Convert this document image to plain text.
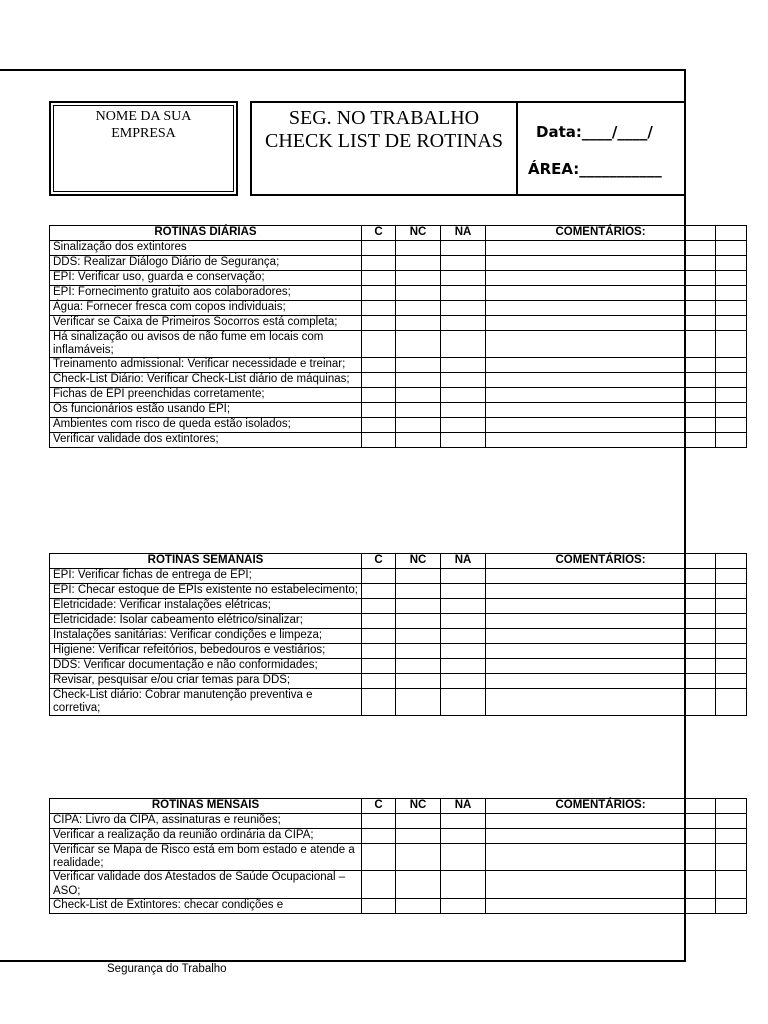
NOME DA SUA
EMPRESA
SEG. NO TRABALHO
CHECK LIST DE ROTINAS	Data:____/____/
ÁREA:___________
___
ROTINAS DIÁRIAS	C	NC	NA	COMENTÁRIOS:	
Sinalização dos extintores					
DDS: Realizar Diálogo Diário de Segurança;					
EPI: Verificar uso, guarda e conservação;					
EPI: Fornecimento gratuito aos colaboradores;					
Água: Fornecer fresca com copos individuais;					
Verificar se Caixa de Primeiros Socorros está completa;					
Há sinalização ou avisos de não fume em locais com inflamáveis;					
Treinamento admissional: Verificar necessidade e treinar;					
Check-List Diário: Verificar Check-List diário de máquinas;					
Fichas de EPI preenchidas corretamente;					
Os funcionários estão usando EPI;					
Ambientes com risco de queda estão isolados;					
Verificar validade dos extintores;					
ROTINAS SEMANAIS	C	NC	NA	COMENTÁRIOS:	
EPI: Verificar fichas de entrega de EPI;					
EPI: Checar estoque de EPIs existente no estabelecimento;					
Eletricidade: Verificar instalações elétricas;					
Eletricidade: Isolar cabeamento elétrico/sinalizar;					
Instalações sanitárias: Verificar condições e limpeza;					
Higiene: Verificar refeitórios, bebedouros e vestiários;					
DDS: Verificar documentação e não conformidades;					
Revisar, pesquisar e/ou criar temas para DDS;					
Check-List diário: Cobrar manutenção preventiva e corretiva;					
ROTINAS MENSAIS	C	NC	NA	COMENTÁRIOS:	
CIPA: Livro da CIPA, assinaturas e reuniões;					
Verificar a realização da reunião ordinária da CIPA;					
Verificar se Mapa de Risco está em bom estado e atende a realidade;					
Verificar validade dos Atestados de Saúde Ocupacional – ASO;					
Check-List de Extintores: checar condições e					
Segurança do Trabalho
